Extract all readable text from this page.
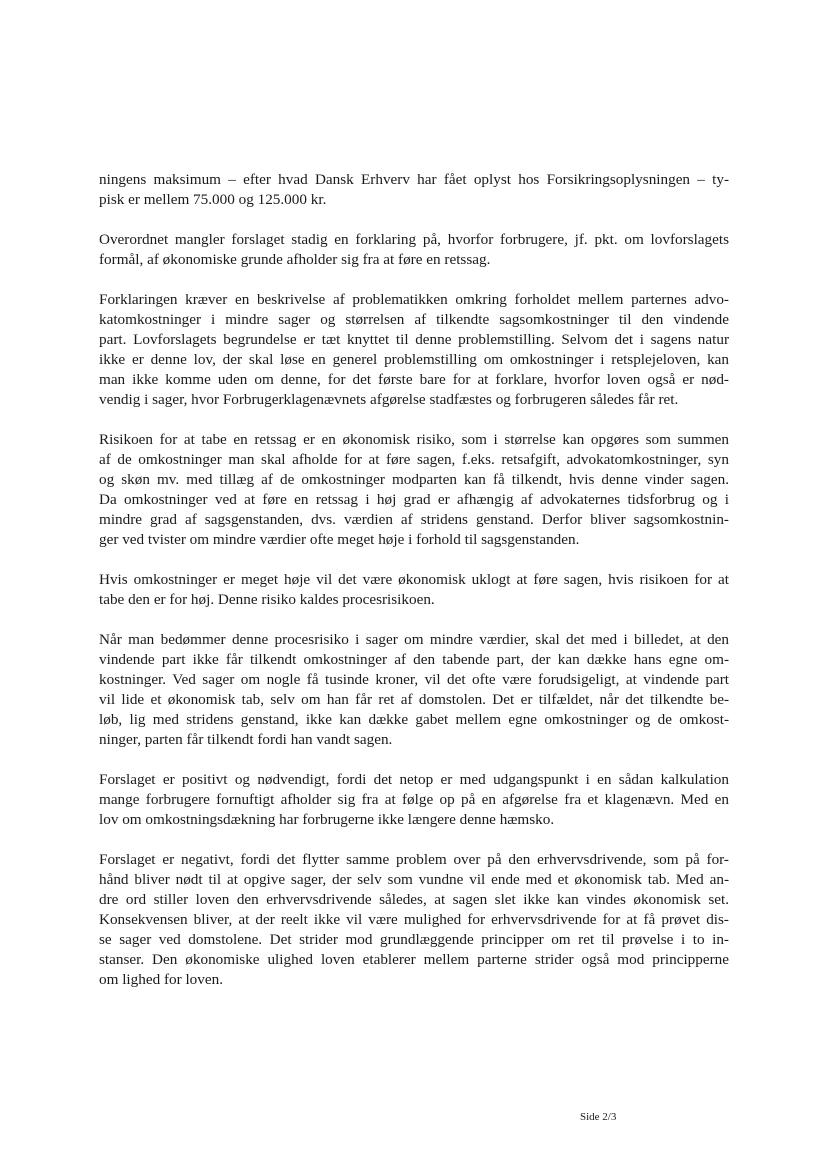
ningens maksimum – efter hvad Dansk Erhverv har fået oplyst hos Forsikringsoplysningen – ty-
pisk er mellem 75.000 og 125.000 kr.

Overordnet mangler forslaget stadig en forklaring på, hvorfor forbrugere, jf. pkt. om lovforslagets
formål, af økonomiske grunde afholder sig fra at føre en retssag.

Forklaringen kræver en beskrivelse af problematikken omkring forholdet mellem parternes advo-
katomkostninger i mindre sager og størrelsen af tilkendte sagsomkostninger til den vindende
part. Lovforslagets begrundelse er tæt knyttet til denne problemstilling. Selvom det i sagens natur
ikke er denne lov, der skal løse en generel problemstilling om omkostninger i retsplejeloven, kan
man ikke komme uden om denne, for det første bare for at forklare, hvorfor loven også er nød-
vendig i sager, hvor Forbrugerklagenævnets afgørelse stadfæstes og forbrugeren således får ret.

Risikoen for at tabe en retssag er en økonomisk risiko, som i størrelse kan opgøres som summen
af de omkostninger man skal afholde for at føre sagen, f.eks. retsafgift, advokatomkostninger, syn
og skøn mv. med tillæg af de omkostninger modparten kan få tilkendt, hvis denne vinder sagen.
Da omkostninger ved at føre en retssag i høj grad er afhængig af advokaternes tidsforbrug og i
mindre grad af sagsgenstanden, dvs. værdien af stridens genstand. Derfor bliver sagsomkostnin-
ger ved tvister om mindre værdier ofte meget høje i forhold til sagsgenstanden.

Hvis omkostninger er meget høje vil det være økonomisk uklogt at føre sagen, hvis risikoen for at
tabe den er for høj. Denne risiko kaldes procesrisikoen.

Når man bedømmer denne procesrisiko i sager om mindre værdier, skal det med i billedet, at den
vindende part ikke får tilkendt omkostninger af den tabende part, der kan dække hans egne om-
kostninger. Ved sager om nogle få tusinde kroner, vil det ofte være forudsigeligt, at vindende part
vil lide et økonomisk tab, selv om han får ret af domstolen. Det er tilfældet, når det tilkendte be-
løb, lig med stridens genstand, ikke kan dække gabet mellem egne omkostninger og de omkost-
ninger, parten får tilkendt fordi han vandt sagen.

Forslaget er positivt og nødvendigt, fordi det netop er med udgangspunkt i en sådan kalkulation
mange forbrugere fornuftigt afholder sig fra at følge op på en afgørelse fra et klagenævn. Med en
lov om omkostningsdækning har forbrugerne ikke længere denne hæmsko.

Forslaget er negativt, fordi det flytter samme problem over på den erhvervsdrivende, som på for-
hånd bliver nødt til at opgive sager, der selv som vundne vil ende med et økonomisk tab. Med an-
dre ord stiller loven den erhvervsdrivende således, at sagen slet ikke kan vindes økonomisk set.
Konsekvensen bliver, at der reelt ikke vil være mulighed for erhvervsdrivende for at få prøvet dis-
se sager ved domstolene. Det strider mod grundlæggende principper om ret til prøvelse i to in-
stanser. Den økonomiske ulighed loven etablerer mellem parterne strider også mod principperne
om lighed for loven.

Side 2/3
